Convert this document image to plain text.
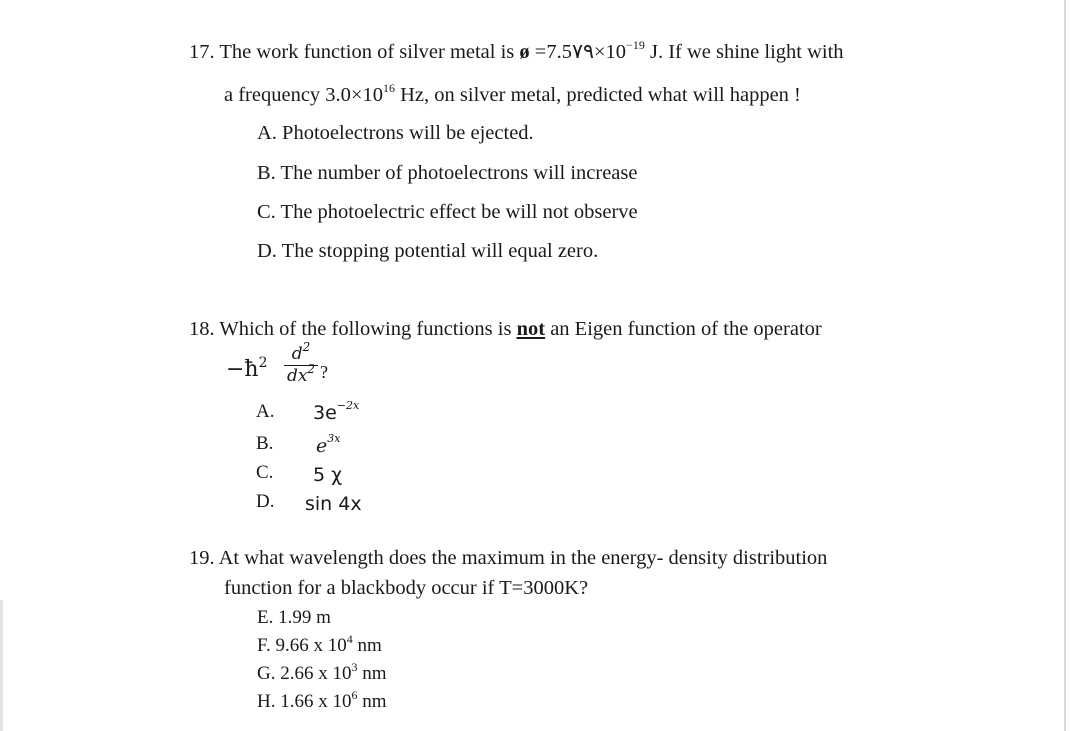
17. The work function of silver metal is ø $=7.5۷۹\times 10^{-19}$ J. If we shine light with
a frequency $3.0\times 10^{16}$ Hz, on silver metal, predicted what will happen !
A. Photoelectrons will be ejected.
B. The number of photoelectrons will increase
C. The photoelectric effect be will not observe
D. The stopping potential will equal zero.
18. Which of the following functions is not an Eigen function of the operator
$-ħ^2$	$d^2$
$dx^2$ ?
A. $3e^{-2x}$
B. $e^{3x}$
C. 5 χ
D. sin 4x
19. At what wavelength does the maximum in the energy- density distribution
function for a blackbody occur if T=3000K?
E. 1.99 m
F. 9.66 x $10^4$ nm
G. 2.66 x $10^3$ nm
H. 1.66 x $10^6$ nm
